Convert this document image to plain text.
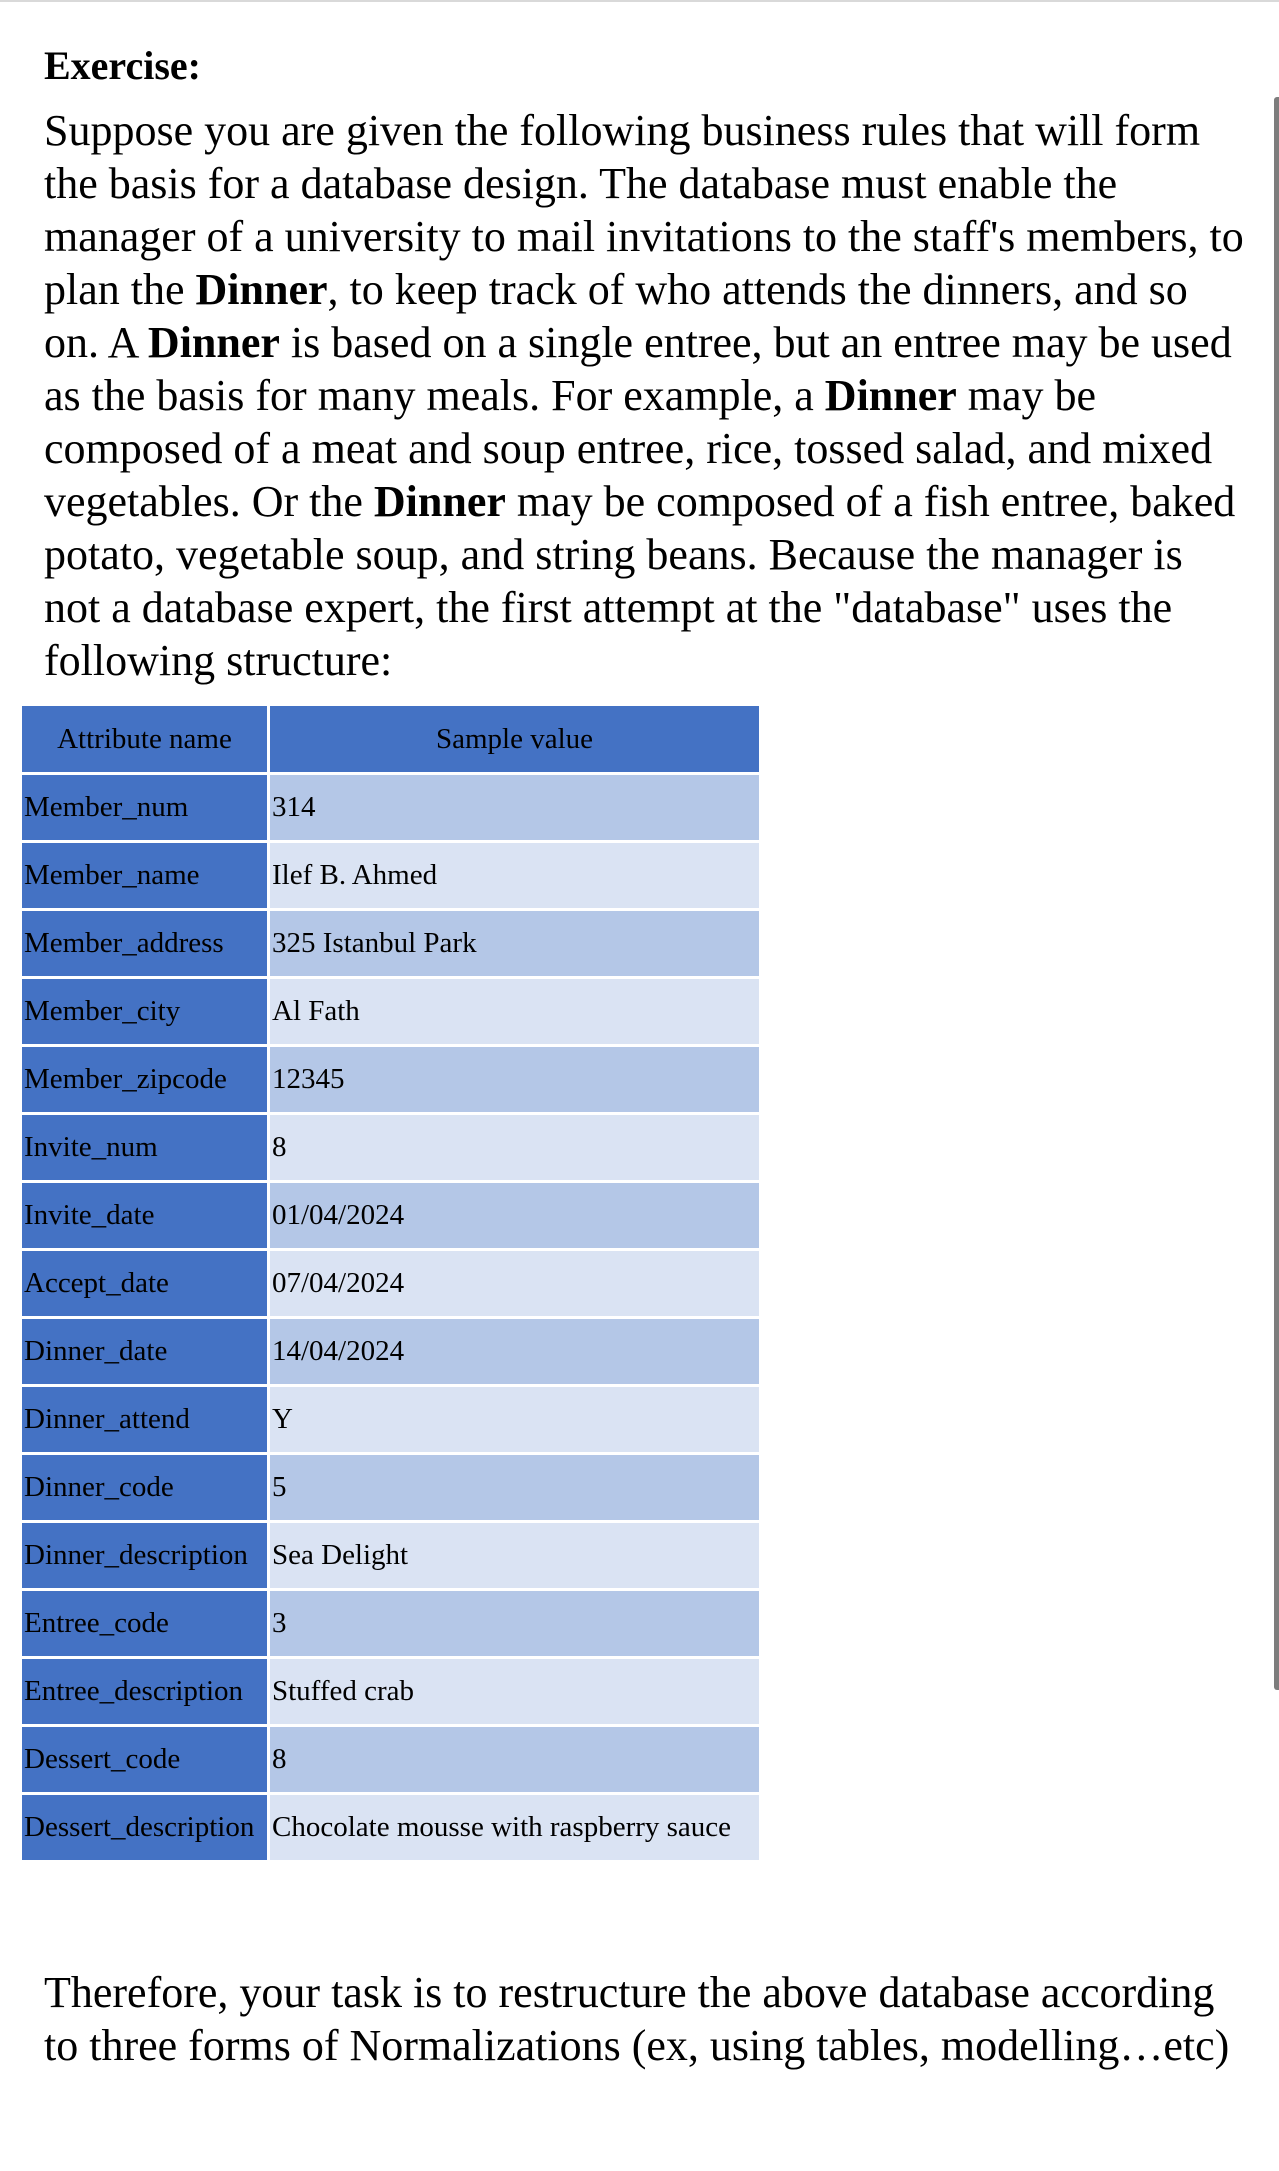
Exercise:

Suppose you are given the following business rules that will form the basis for a database design. The database must enable the manager of a university to mail invitations to the staff's members, to plan the Dinner, to keep track of who attends the dinners, and so on. A Dinner is based on a single entree, but an entree may be used as the basis for many meals. For example, a Dinner may be composed of a meat and soup entree, rice, tossed salad, and mixed vegetables. Or the Dinner may be composed of a fish entree, baked potato, vegetable soup, and string beans. Because the manager is not a database expert, the first attempt at the "database" uses the following structure:

Attribute name	Sample value
Member_num	314
Member_name	Ilef B. Ahmed
Member_address	325 Istanbul Park
Member_city	Al Fath
Member_zipcode	12345
Invite_num	8
Invite_date	01/04/2024
Accept_date	07/04/2024
Dinner_date	14/04/2024
Dinner_attend	Y
Dinner_code	5
Dinner_description	Sea Delight
Entree_code	3
Entree_description	Stuffed crab
Dessert_code	8
Dessert_description	Chocolate mousse with raspberry sauce

Therefore, your task is to restructure the above database according to three forms of Normalizations (ex, using tables, modelling…etc)
